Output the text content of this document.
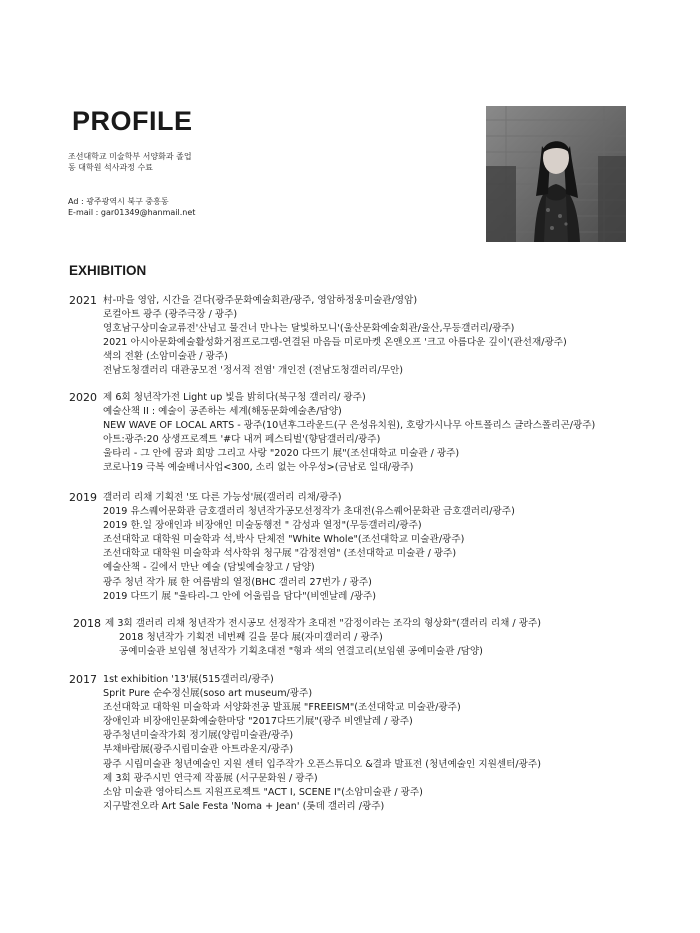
PROFILE
조선대학교 미술학부 서양화과 졸업
동 대학원 석사과정 수료
Ad : 광주광역시 북구 중흥동
E-mail : gar01349@hanmail.net
EXHIBITION
2021 村-마을 영암, 시간을 걷다(광주문화예술회관/광주, 영암하정웅미술관/영암)
로컬아트 광주 (광주극장 / 광주)
영호남구상미술교류전'산넘고 물건너 만나는 달빛하모니'(울산문화예술회관/울산,무등갤러리/광주)
2021 아시아문화예술활성화거점프로그램-연결된 마음들 미로마켓 온앤오프 '크고 아름다운 깊이'(관선재/광주)
색의 전환 (소암미술관 / 광주)
전남도청갤러리 대관공모전 '정서적 전염' 개인전 (전남도청갤러리/무안)
2020 제 6회 청년작가전 Light up 빛을 밝히다(북구청 갤러리/ 광주)
예술산책 II : 예술이 공존하는 세계(해동문화예술촌/담양)
NEW WAVE OF LOCAL ARTS - 광주(10년후그라운드(구 은성유치원), 호랑가시나무 아트폴리스 글라스폴리곤/광주)
아트:광주:20 상생프로젝트 '#다 내꺼 페스티벌'(향담갤러리/광주)
울타리 - 그 안에 꿈과 희망 그리고 사랑 "2020 다뜨기 展"(조선대학교 미술관 / 광주)
코로나19 극복 예술배너사업<300, 소리 없는 아우성>(금남로 일대/광주)
2019 갤러리 리채 기획전 '또 다른 가능성'展(갤러리 리채/광주)
2019 유스퀘어문화관 금호갤러리 청년작가공모선정작가 초대전(유스퀘어문화관 금호갤러리/광주)
2019 한.일 장애인과 비장애인 미술동행전 " 감성과 열정"(무등갤러리/광주)
조선대학교 대학원 미술학과 석,박사 단체전 "White Whole"(조선대학교 미술관/광주)
조선대학교 대학원 미술학과 석사학위 청구展 "감정전염" (조선대학교 미술관 / 광주)
예술산책 - 길에서 만난 예술 (담빛예술창고 / 담양)
광주 청년 작가 展 한 여름밤의 열정(BHC 갤러리 27번가 / 광주)
2019 다뜨기 展 "울타리-그 안에 어울림을 담다"(비엔날레 /광주)
2018 제 3회 갤러리 리채 청년작가 전시공모 선정작가 초대전 "감정이라는 조각의 형상화"(갤러리 리채 / 광주)
2018 청년작가 기획전 네번째 길을 묻다 展(자미갤러리 / 광주)
공예미술관 보임쉔 청년작가 기획초대전 "형과 색의 연결고리(보임쉔 공예미술관 /담양)
2017 1st exhibition '13'展(515갤러리/광주)
Sprit Pure 순수정신展(soso art museum/광주)
조선대학교 대학원 미술학과 서양화전공 발표展 "FREEISM"(조선대학교 미술관/광주)
장애인과 비장애인문화예술한마당 "2017다뜨기展"(광주 비엔날레 / 광주)
광주청년미술작가회 정기展(양림미술관/광주)
부채바람展(광주시립미술관 아트라운지/광주)
광주 시립미술관 청년예술인 지원 센터 입주작가 오픈스튜디오 &결과 발표전 (청년예술인 지원센터/광주)
제 3회 광주시민 연극제 작품展 (서구문화원 / 광주)
소암 미술관 영아티스트 지원프로젝트 "ACT I, SCENE I"(소암미술관 / 광주)
지구발전오라 Art Sale Festa 'Noma + Jean' (롯데 갤러리 /광주)
